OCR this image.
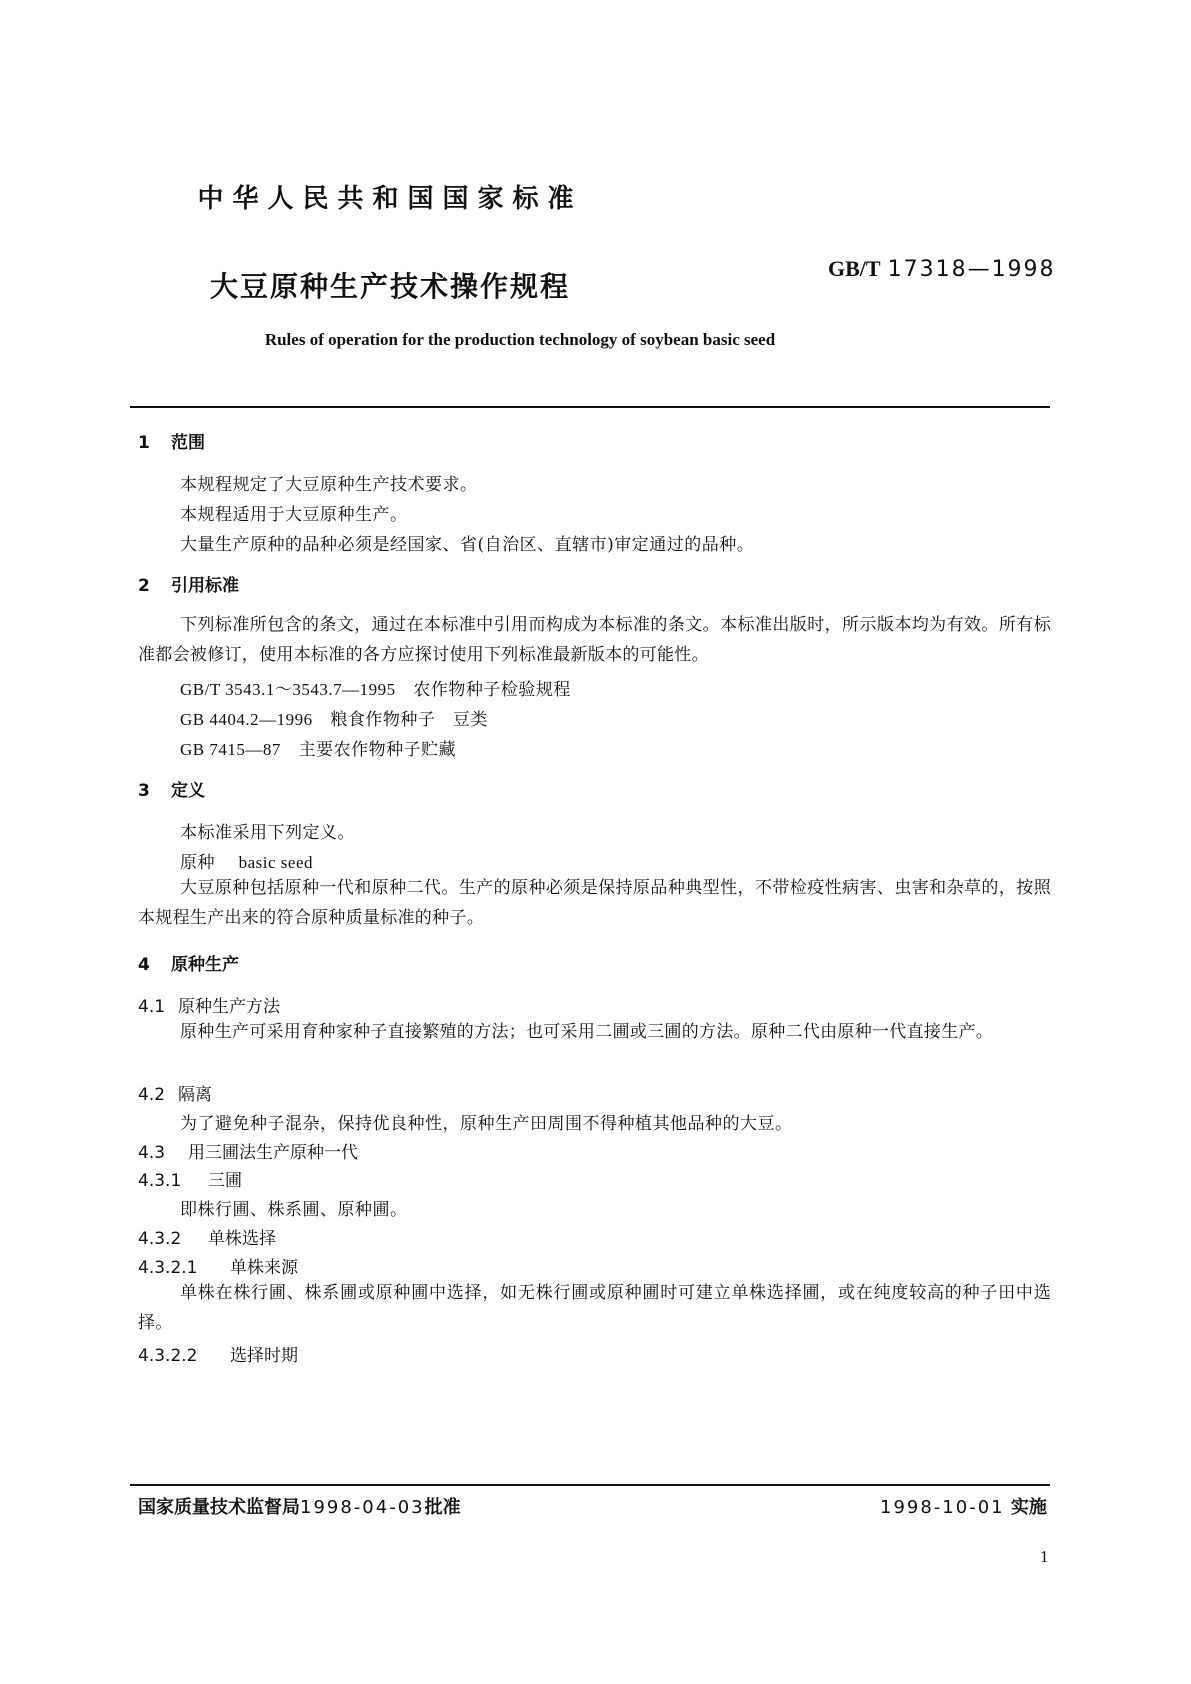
中华人民共和国国家标准
大豆原种生产技术操作规程
GB/T 17318—1998
Rules of operation for the production technology of soybean basic seed
1 范围
本规程规定了大豆原种生产技术要求。
本规程适用于大豆原种生产。
大量生产原种的品种必须是经国家、省(自治区、直辖市)审定通过的品种。
2 引用标准
下列标准所包含的条文，通过在本标准中引用而构成为本标准的条文。本标准出版时，所示版本均为有效。所有标准都会被修订，使用本标准的各方应探讨使用下列标准最新版本的可能性。
GB/T 3543.1～3543.7—1995 农作物种子检验规程
GB 4404.2—1996 粮食作物种子　豆类
GB 7415—87 主要农作物种子贮藏
3 定义
本标准采用下列定义。
原种 basic seed
大豆原种包括原种一代和原种二代。生产的原种必须是保持原品种典型性，不带检疫性病害、虫害和杂草的，按照本规程生产出来的符合原种质量标准的种子。
4 原种生产
4.1 原种生产方法
原种生产可采用育种家种子直接繁殖的方法；也可采用二圃或三圃的方法。原种二代由原种一代直接生产。
4.2 隔离
为了避免种子混杂，保持优良种性，原种生产田周围不得种植其他品种的大豆。
4.3 用三圃法生产原种一代
4.3.1 三圃
即株行圃、株系圃、原种圃。
4.3.2 单株选择
4.3.2.1 单株来源
单株在株行圃、株系圃或原种圃中选择，如无株行圃或原种圃时可建立单株选择圃，或在纯度较高的种子田中选择。
4.3.2.2 选择时期
国家质量技术监督局1998-04-03批准	1998-10-01 实施
1
